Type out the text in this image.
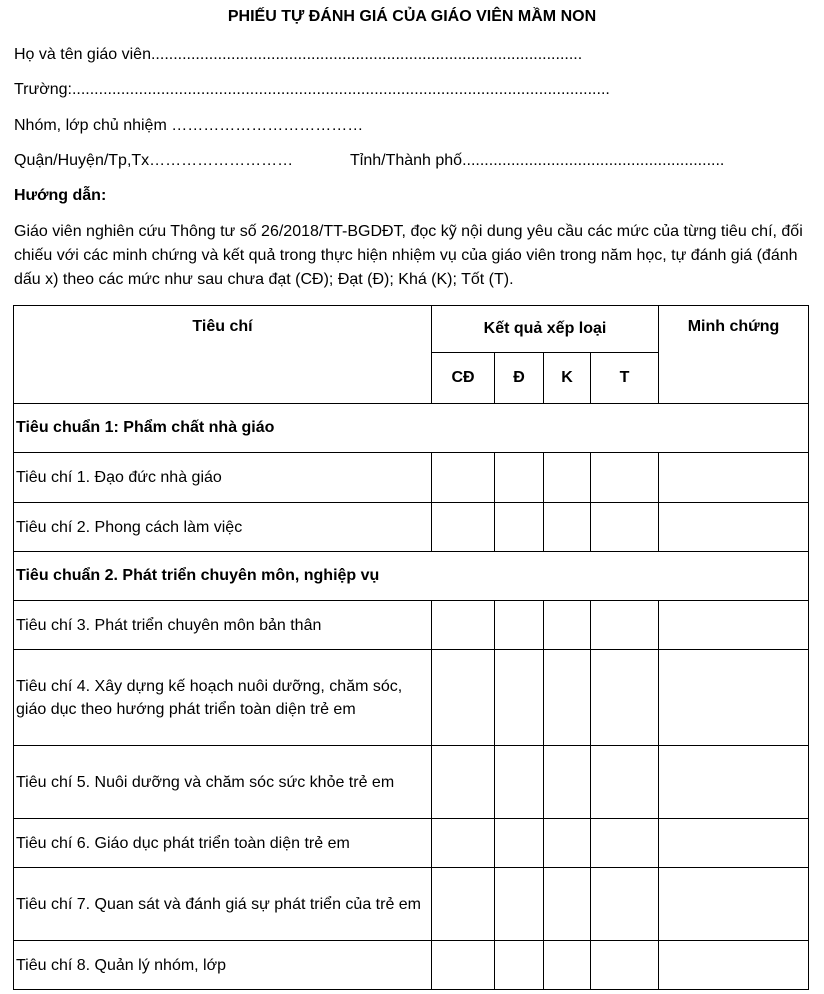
PHIẾU TỰ ĐÁNH GIÁ CỦA GIÁO VIÊN MẦM NON
Họ và tên giáo viên.................................................................................................
Trường:.........................................................................................................................
Nhóm, lớp chủ nhiệm ………………………………
Quận/Huyện/Tp,Tx………………………	Tỉnh/Thành phố...........................................................
Hướng dẫn:
Giáo viên nghiên cứu Thông tư số 26/2018/TT-BGDĐT, đọc kỹ nội dung yêu cầu các mức của từng tiêu chí, đối chiếu với các minh chứng và kết quả trong thực hiện nhiệm vụ của giáo viên trong năm học, tự đánh giá (đánh dấu x) theo các mức như sau chưa đạt (CĐ); Đạt (Đ); Khá (K); Tốt (T).
Tiêu chí	Kết quả xếp loại				Minh chứng
	CĐ	Đ	K	T	
Tiêu chuẩn 1: Phẩm chất nhà giáo					
Tiêu chí 1. Đạo đức nhà giáo					
Tiêu chí 2. Phong cách làm việc					
Tiêu chuẩn 2. Phát triển chuyên môn, nghiệp vụ					
Tiêu chí 3. Phát triển chuyên môn bản thân					
Tiêu chí 4. Xây dựng kế hoạch nuôi dưỡng, chăm sóc, giáo dục theo hướng phát triển toàn diện trẻ em					
Tiêu chí 5. Nuôi dưỡng và chăm sóc sức khỏe trẻ em					
Tiêu chí 6. Giáo dục phát triển toàn diện trẻ em					
Tiêu chí 7. Quan sát và đánh giá sự phát triển của trẻ em					
Tiêu chí 8. Quản lý nhóm, lớp					
